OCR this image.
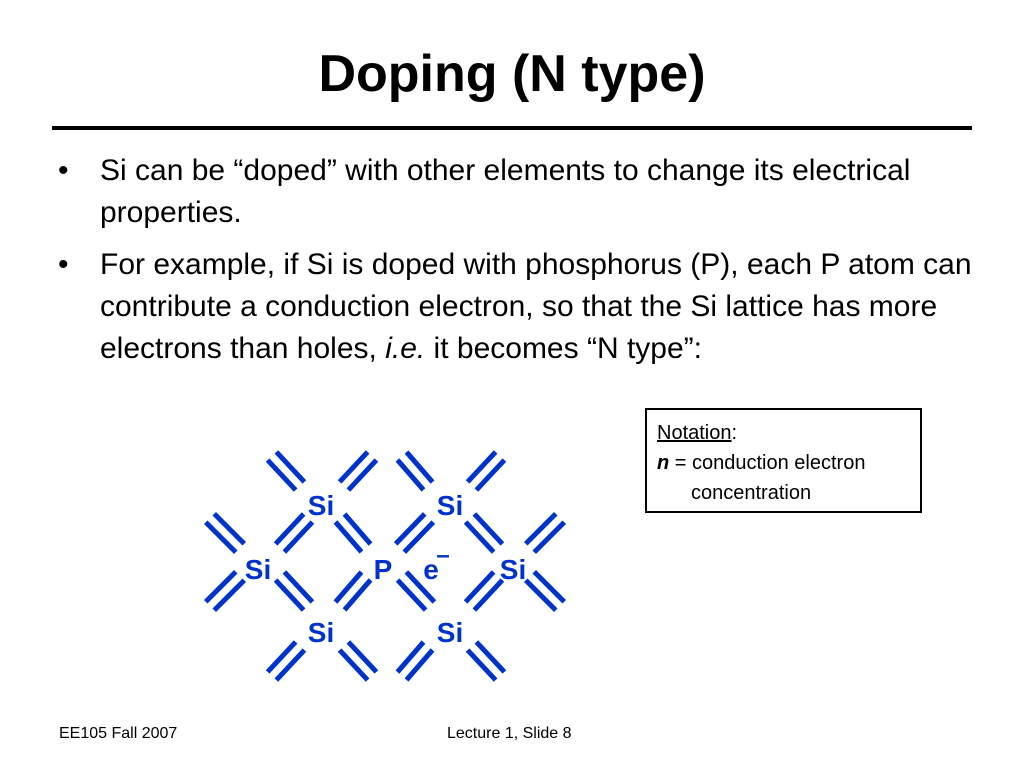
Doping (N type)
• Si can be “doped” with other elements to change its electrical properties.
• For example, if Si is doped with phosphorus (P), each P atom can contribute a conduction electron, so that the Si lattice has more electrons than holes, i.e. it becomes “N type”:
Notation:
n = conduction electron
concentration
Si	Si
Si	P e
– Si
Si	Si
EE105 Fall 2007	Lecture 1, Slide 8
